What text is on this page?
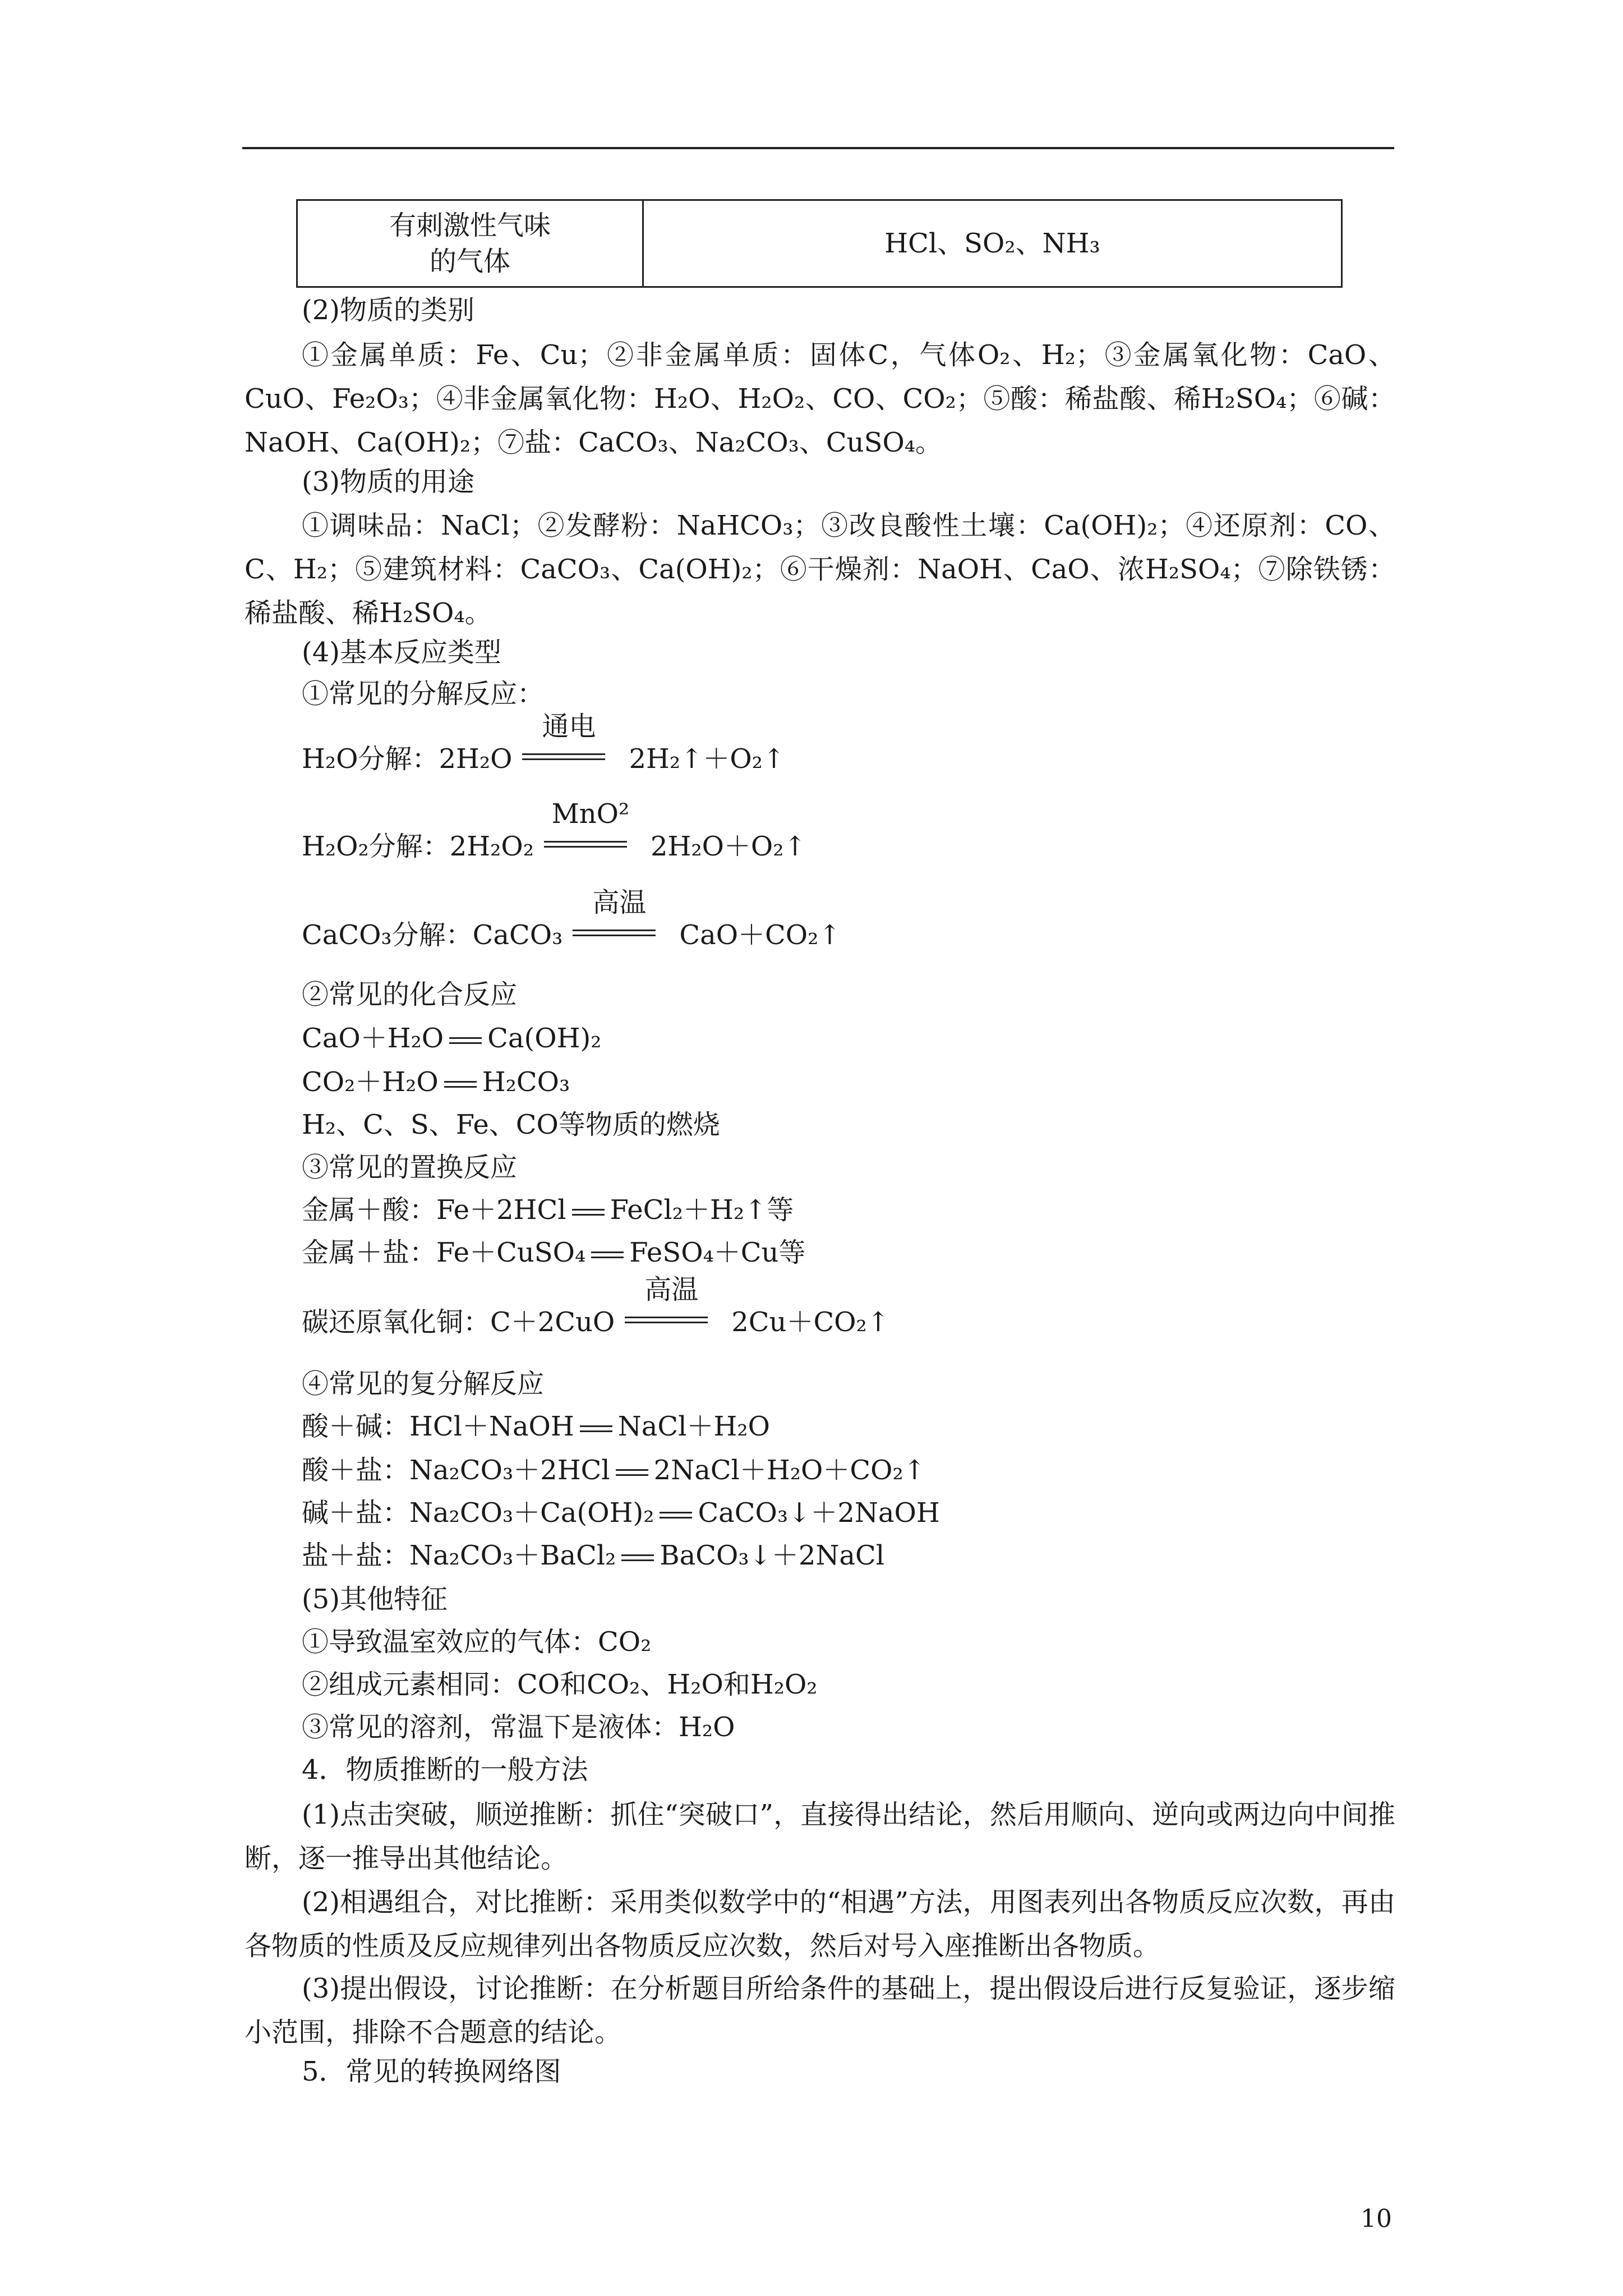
有刺激性气味
的气体	HCl、SO₂、NH₃
(2)物质的类别
①金属单质：Fe、Cu；②非金属单质：固体C，气体O₂、H₂；③金属氧化物：CaO、CuO、Fe₂O₃；④非金属氧化物：H₂O、H₂O₂、CO、CO₂；⑤酸：稀盐酸、稀H₂SO₄；⑥碱：NaOH、Ca(OH)₂；⑦盐：CaCO₃、Na₂CO₃、CuSO₄。
(3)物质的用途
①调味品：NaCl；②发酵粉：NaHCO₃；③改良酸性土壤：Ca(OH)₂；④还原剂：CO、C、H₂；⑤建筑材料：CaCO₃、Ca(OH)₂；⑥干燥剂：NaOH、CaO、浓H₂SO₄；⑦除铁锈：稀盐酸、稀H₂SO₄。
(4)基本反应类型
①常见的分解反应：
H₂O分解：2H₂O
通电
2H₂↑＋O₂↑
H₂O₂分解：2H₂O₂
MnO²
2H₂O＋O₂↑
CaCO₃分解：CaCO₃
高温
CaO＋CO₂↑
②常见的化合反应
CaO＋H₂O Ca(OH)₂
CO₂＋H₂O H₂CO₃
H₂、C、S、Fe、CO等物质的燃烧
③常见的置换反应
金属＋酸：Fe＋2HCl FeCl₂＋H₂↑等
金属＋盐：Fe＋CuSO₄ FeSO₄＋Cu等
碳还原氧化铜：C＋2CuO
高温
2Cu＋CO₂↑
④常见的复分解反应
酸＋碱：HCl＋NaOH NaCl＋H₂O
酸＋盐：Na₂CO₃＋2HCl 2NaCl＋H₂O＋CO₂↑
碱＋盐：Na₂CO₃＋Ca(OH)₂ CaCO₃↓＋2NaOH
盐＋盐：Na₂CO₃＋BaCl₂ BaCO₃↓＋2NaCl
(5)其他特征
①导致温室效应的气体：CO₂
②组成元素相同：CO和CO₂、H₂O和H₂O₂
③常见的溶剂，常温下是液体：H₂O
4．物质推断的一般方法
(1)点击突破，顺逆推断：抓住“突破口”，直接得出结论，然后用顺向、逆向或两边向中间推断，逐一推导出其他结论。
(2)相遇组合，对比推断：采用类似数学中的“相遇”方法，用图表列出各物质反应次数，再由各物质的性质及反应规律列出各物质反应次数，然后对号入座推断出各物质。
(3)提出假设，讨论推断：在分析题目所给条件的基础上，提出假设后进行反复验证，逐步缩小范围，排除不合题意的结论。
5．常见的转换网络图
10
